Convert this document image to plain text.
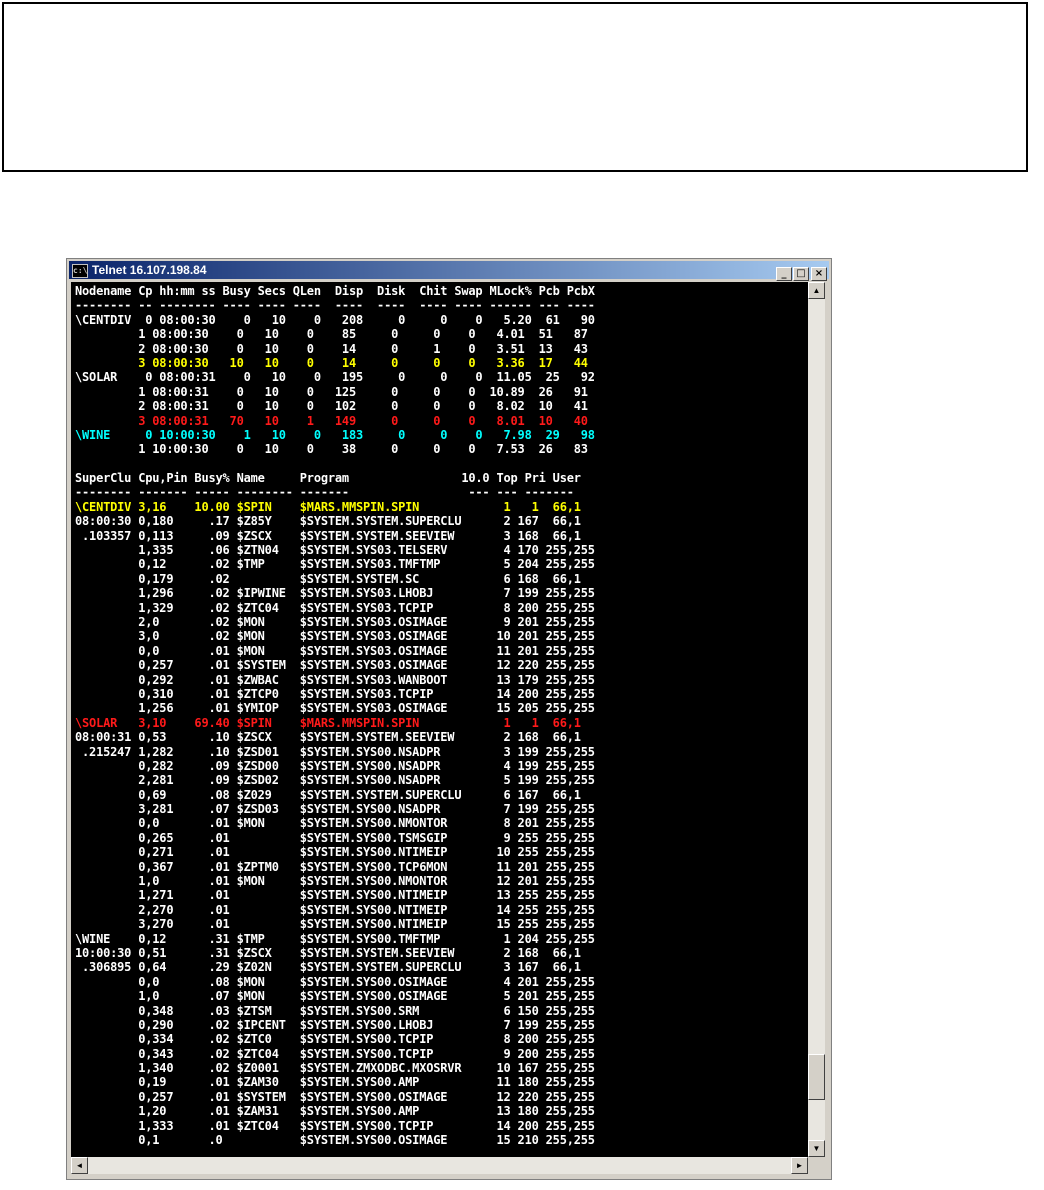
c:\ Telnet 16.107.198.84	_ □ ×
Nodename Cp hh:mm ss Busy Secs QLen  Disp  Disk  Chit Swap MLock% Pcb PcbX
-------- -- -------- ---- ---- ----  ----  ----  ---- ---- ------ --- ----
\CENTDIV  0 08:00:30    0   10    0   208     0     0    0   5.20  61   90
1 08:00:30    0   10    0    85     0     0    0   4.01  51   87
2 08:00:30    0   10    0    14     0     1    0   3.51  13   43
3 08:00:30   10   10    0    14     0     0    0   3.36  17   44
\SOLAR    0 08:00:31    0   10    0   195     0     0    0  11.05  25   92
1 08:00:31    0   10    0   125     0     0    0  10.89  26   91
2 08:00:31    0   10    0   102     0     0    0   8.02  10   41
3 08:00:31   70   10    1   149     0     0    0   8.01  10   40
\WINE     0 10:00:30    1   10    0   183     0     0    0   7.98  29   98
1 10:00:30    0   10    0    38     0     0    0   7.53  26   83
SuperClu Cpu,Pin Busy% Name     Program                10.0 Top Pri User
-------- ------- ----- -------- -------                 --- --- -------
\CENTDIV 3,16    10.00 $SPIN    $MARS.MMSPIN.SPIN            1   1  66,1
08:00:30 0,180     .17 $Z85Y    $SYSTEM.SYSTEM.SUPERCLU      2 167  66,1
.103357 0,113     .09 $ZSCX    $SYSTEM.SYSTEM.SEEVIEW       3 168  66,1
1,335     .06 $ZTN04   $SYSTEM.SYS03.TELSERV        4 170 255,255
0,12      .02 $TMP     $SYSTEM.SYS03.TMFTMP         5 204 255,255
0,179     .02          $SYSTEM.SYSTEM.SC            6 168  66,1
1,296     .02 $IPWINE  $SYSTEM.SYS03.LHOBJ          7 199 255,255
1,329     .02 $ZTC04   $SYSTEM.SYS03.TCPIP          8 200 255,255
2,0       .02 $MON     $SYSTEM.SYS03.OSIMAGE        9 201 255,255
3,0       .02 $MON     $SYSTEM.SYS03.OSIMAGE       10 201 255,255
0,0       .01 $MON     $SYSTEM.SYS03.OSIMAGE       11 201 255,255
0,257     .01 $SYSTEM  $SYSTEM.SYS03.OSIMAGE       12 220 255,255
0,292     .01 $ZWBAC   $SYSTEM.SYS03.WANBOOT       13 179 255,255
0,310     .01 $ZTCP0   $SYSTEM.SYS03.TCPIP         14 200 255,255
1,256     .01 $YMIOP   $SYSTEM.SYS03.OSIMAGE       15 205 255,255
\SOLAR   3,10    69.40 $SPIN    $MARS.MMSPIN.SPIN            1   1  66,1
08:00:31 0,53      .10 $ZSCX    $SYSTEM.SYSTEM.SEEVIEW       2 168  66,1
.215247 1,282     .10 $ZSD01   $SYSTEM.SYS00.NSADPR         3 199 255,255
0,282     .09 $ZSD00   $SYSTEM.SYS00.NSADPR         4 199 255,255
2,281     .09 $ZSD02   $SYSTEM.SYS00.NSADPR         5 199 255,255
0,69      .08 $Z029    $SYSTEM.SYSTEM.SUPERCLU      6 167  66,1
3,281     .07 $ZSD03   $SYSTEM.SYS00.NSADPR         7 199 255,255
0,0       .01 $MON     $SYSTEM.SYS00.NMONTOR        8 201 255,255
0,265     .01          $SYSTEM.SYS00.TSMSGIP        9 255 255,255
0,271     .01          $SYSTEM.SYS00.NTIMEIP       10 255 255,255
0,367     .01 $ZPTM0   $SYSTEM.SYS00.TCP6MON       11 201 255,255
1,0       .01 $MON     $SYSTEM.SYS00.NMONTOR       12 201 255,255
1,271     .01          $SYSTEM.SYS00.NTIMEIP       13 255 255,255
2,270     .01          $SYSTEM.SYS00.NTIMEIP       14 255 255,255
3,270     .01          $SYSTEM.SYS00.NTIMEIP       15 255 255,255
\WINE    0,12      .31 $TMP     $SYSTEM.SYS00.TMFTMP         1 204 255,255
10:00:30 0,51      .31 $ZSCX    $SYSTEM.SYSTEM.SEEVIEW       2 168  66,1
.306895 0,64      .29 $Z02N    $SYSTEM.SYSTEM.SUPERCLU      3 167  66,1
0,0       .08 $MON     $SYSTEM.SYS00.OSIMAGE        4 201 255,255
1,0       .07 $MON     $SYSTEM.SYS00.OSIMAGE        5 201 255,255
0,348     .03 $ZTSM    $SYSTEM.SYS00.SRM            6 150 255,255
0,290     .02 $IPCENT  $SYSTEM.SYS00.LHOBJ          7 199 255,255
0,334     .02 $ZTC0    $SYSTEM.SYS00.TCPIP          8 200 255,255
0,343     .02 $ZTC04   $SYSTEM.SYS00.TCPIP          9 200 255,255
1,340     .02 $Z0001   $SYSTEM.ZMXODBC.MXOSRVR     10 167 255,255
0,19      .01 $ZAM30   $SYSTEM.SYS00.AMP           11 180 255,255
0,257     .01 $SYSTEM  $SYSTEM.SYS00.OSIMAGE       12 220 255,255
1,20      .01 $ZAM31   $SYSTEM.SYS00.AMP           13 180 255,255
1,333     .01 $ZTC04   $SYSTEM.SYS00.TCPIP         14 200 255,255
0,1       .0           $SYSTEM.SYS00.OSIMAGE       15 210 255,255
▲
▼
◄	►
